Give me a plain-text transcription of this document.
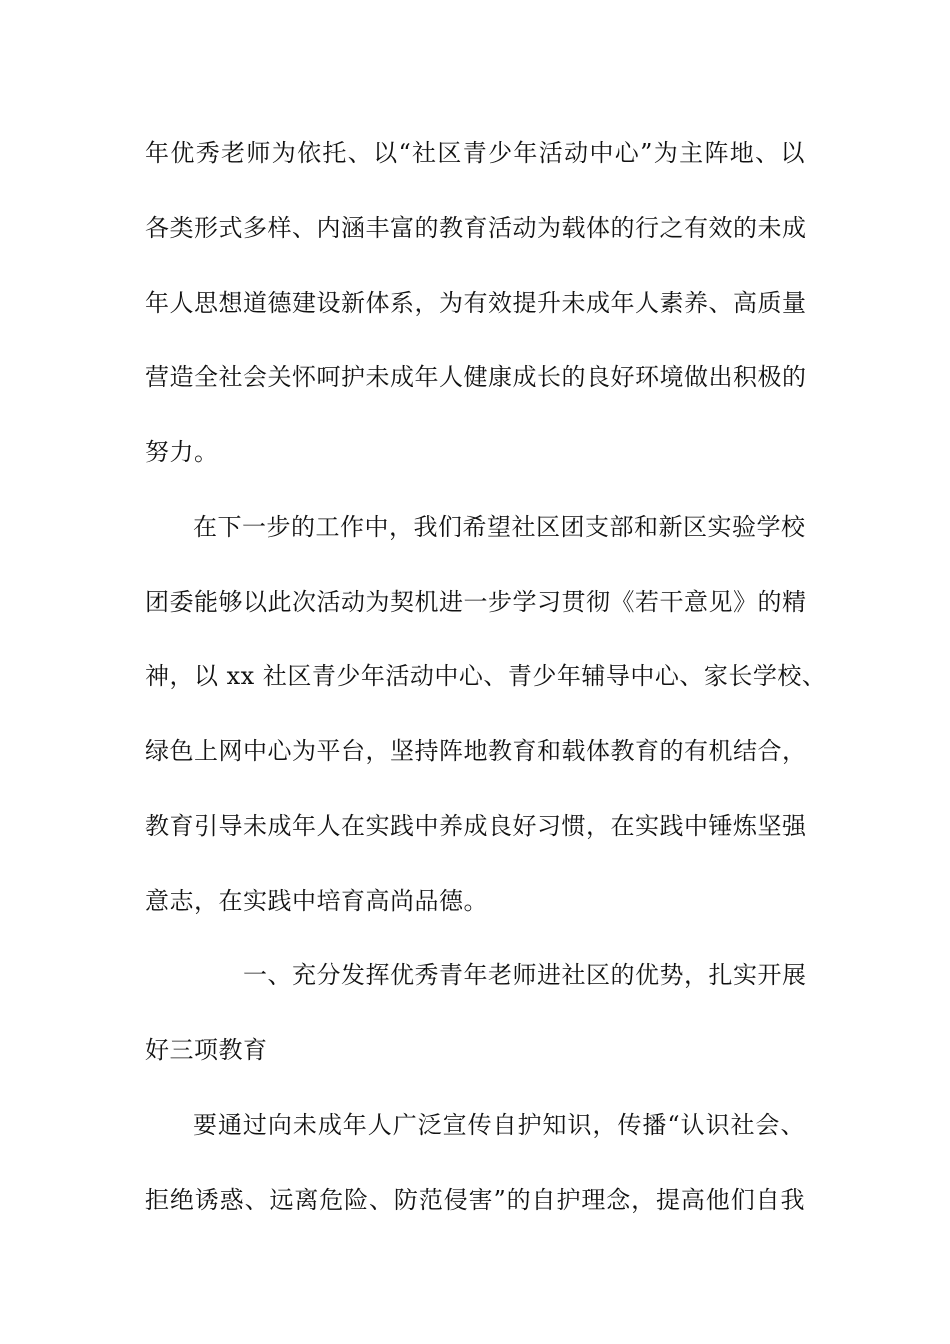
年优秀老师为依托、以“社区青少年活动中心”为主阵地、以
各类形式多样、内涵丰富的教育活动为载体的行之有效的未成
年人思想道德建设新体系，为有效提升未成年人素养、高质量
营造全社会关怀呵护未成年人健康成长的良好环境做出积极的
努力。
在下一步的工作中，我们希望社区团支部和新区实验学校
团委能够以此次活动为契机进一步学习贯彻《若干意见》的精
神，以 xx 社区青少年活动中心、青少年辅导中心、家长学校、
绿色上网中心为平台，坚持阵地教育和载体教育的有机结合，
教育引导未成年人在实践中养成良好习惯，在实践中锤炼坚强
意志，在实践中培育高尚品德。
一、充分发挥优秀青年老师进社区的优势，扎实开展
好三项教育
要通过向未成年人广泛宣传自护知识，传播“认识社会、
拒绝诱惑、远离危险、防范侵害”的自护理念，提高他们自我
